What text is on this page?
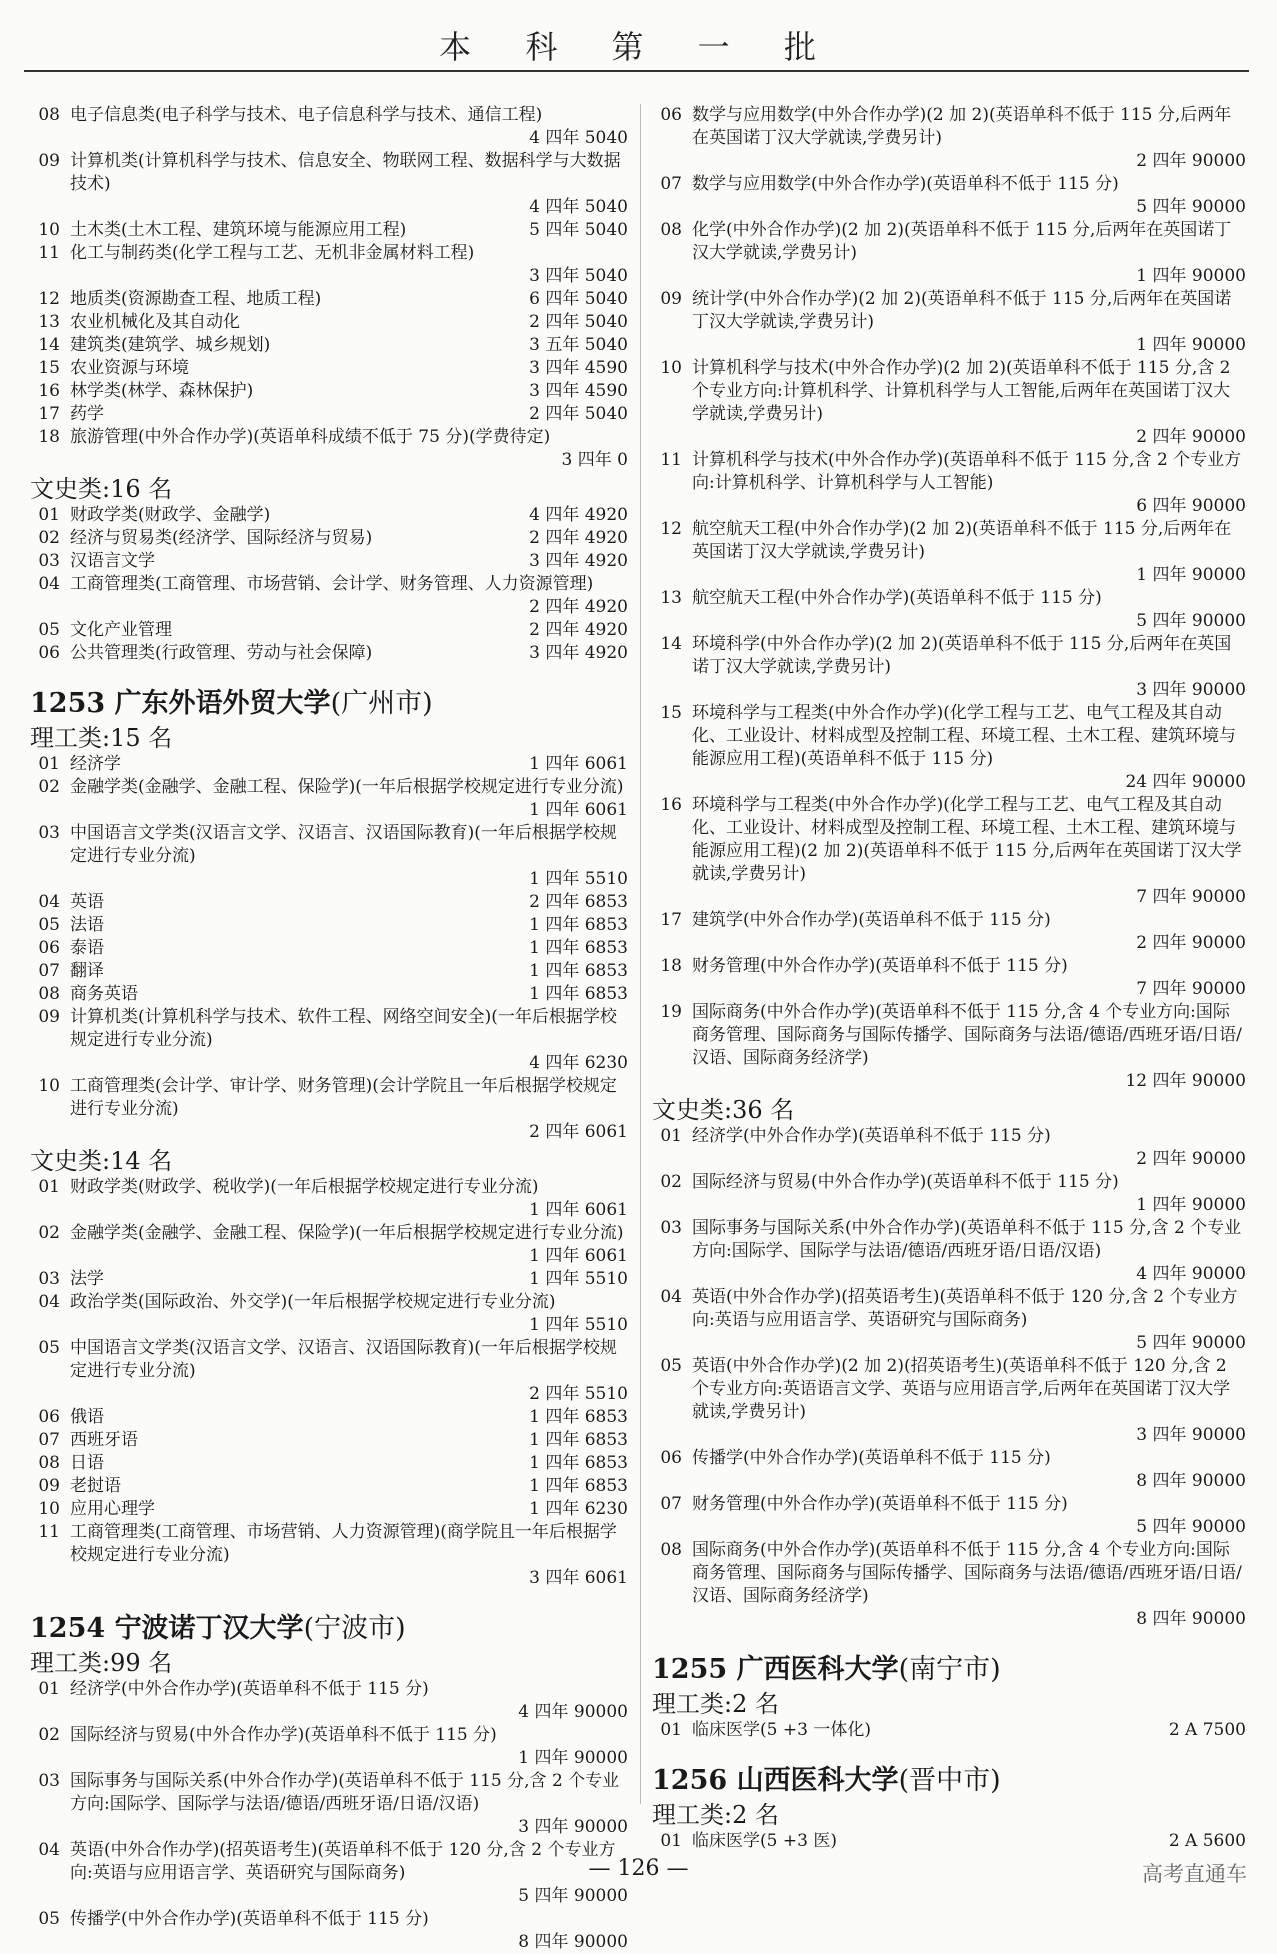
本 科 第 一 批
08 电子信息类(电子科学与技术、电子信息科学与技术、通信工程)
4 四年 5040
09 计算机类(计算机科学与技术、信息安全、物联网工程、数据科学与大数据技术)
4 四年 5040
10 土木类(土木工程、建筑环境与能源应用工程)	5 四年 5040
11 化工与制药类(化学工程与工艺、无机非金属材料工程)
3 四年 5040
12 地质类(资源勘查工程、地质工程)	6 四年 5040
13 农业机械化及其自动化	2 四年 5040
14 建筑类(建筑学、城乡规划)	3 五年 5040
15 农业资源与环境	3 四年 4590
16 林学类(林学、森林保护)	3 四年 4590
17 药学	2 四年 5040
18 旅游管理(中外合作办学)(英语单科成绩不低于 75 分)(学费待定)
3 四年 0
文史类:16 名
01 财政学类(财政学、金融学)	4 四年 4920
02 经济与贸易类(经济学、国际经济与贸易)	2 四年 4920
03 汉语言文学	3 四年 4920
04 工商管理类(工商管理、市场营销、会计学、财务管理、人力资源管理)
2 四年 4920
05 文化产业管理	2 四年 4920
06 公共管理类(行政管理、劳动与社会保障)	3 四年 4920
1253 广东外语外贸大学(广州市)
理工类:15 名
01 经济学	1 四年 6061
02 金融学类(金融学、金融工程、保险学)(一年后根据学校规定进行专业分流)
1 四年 6061
03 中国语言文学类(汉语言文学、汉语言、汉语国际教育)(一年后根据学校规定进行专业分流)
1 四年 5510
04 英语	2 四年 6853
05 法语	1 四年 6853
06 泰语	1 四年 6853
07 翻译	1 四年 6853
08 商务英语	1 四年 6853
09 计算机类(计算机科学与技术、软件工程、网络空间安全)(一年后根据学校规定进行专业分流)
4 四年 6230
10 工商管理类(会计学、审计学、财务管理)(会计学院且一年后根据学校规定进行专业分流)
2 四年 6061
文史类:14 名
01 财政学类(财政学、税收学)(一年后根据学校规定进行专业分流)
1 四年 6061
02 金融学类(金融学、金融工程、保险学)(一年后根据学校规定进行专业分流)
1 四年 6061
03 法学	1 四年 5510
04 政治学类(国际政治、外交学)(一年后根据学校规定进行专业分流)
1 四年 5510
05 中国语言文学类(汉语言文学、汉语言、汉语国际教育)(一年后根据学校规定进行专业分流)
2 四年 5510
06 俄语	1 四年 6853
07 西班牙语	1 四年 6853
08 日语	1 四年 6853
09 老挝语	1 四年 6853
10 应用心理学	1 四年 6230
11 工商管理类(工商管理、市场营销、人力资源管理)(商学院且一年后根据学校规定进行专业分流)
3 四年 6061
1254 宁波诺丁汉大学(宁波市)
理工类:99 名
01 经济学(中外合作办学)(英语单科不低于 115 分)
4 四年 90000
02 国际经济与贸易(中外合作办学)(英语单科不低于 115 分)
1 四年 90000
03 国际事务与国际关系(中外合作办学)(英语单科不低于 115 分,含 2 个专业方向:国际学、国际学与法语/德语/西班牙语/日语/汉语)
3 四年 90000
04 英语(中外合作办学)(招英语考生)(英语单科不低于 120 分,含 2 个专业方向:英语与应用语言学、英语研究与国际商务)
5 四年 90000
05 传播学(中外合作办学)(英语单科不低于 115 分)
8 四年 90000
06 数学与应用数学(中外合作办学)(2 加 2)(英语单科不低于 115 分,后两年在英国诺丁汉大学就读,学费另计)
2 四年 90000
07 数学与应用数学(中外合作办学)(英语单科不低于 115 分)
5 四年 90000
08 化学(中外合作办学)(2 加 2)(英语单科不低于 115 分,后两年在英国诺丁汉大学就读,学费另计)
1 四年 90000
09 统计学(中外合作办学)(2 加 2)(英语单科不低于 115 分,后两年在英国诺丁汉大学就读,学费另计)
1 四年 90000
10 计算机科学与技术(中外合作办学)(2 加 2)(英语单科不低于 115 分,含 2 个专业方向:计算机科学、计算机科学与人工智能,后两年在英国诺丁汉大学就读,学费另计)
2 四年 90000
11 计算机科学与技术(中外合作办学)(英语单科不低于 115 分,含 2 个专业方向:计算机科学、计算机科学与人工智能)
6 四年 90000
12 航空航天工程(中外合作办学)(2 加 2)(英语单科不低于 115 分,后两年在英国诺丁汉大学就读,学费另计)
1 四年 90000
13 航空航天工程(中外合作办学)(英语单科不低于 115 分)
5 四年 90000
14 环境科学(中外合作办学)(2 加 2)(英语单科不低于 115 分,后两年在英国诺丁汉大学就读,学费另计)
3 四年 90000
15 环境科学与工程类(中外合作办学)(化学工程与工艺、电气工程及其自动化、工业设计、材料成型及控制工程、环境工程、土木工程、建筑环境与能源应用工程)(英语单科不低于 115 分)
24 四年 90000
16 环境科学与工程类(中外合作办学)(化学工程与工艺、电气工程及其自动化、工业设计、材料成型及控制工程、环境工程、土木工程、建筑环境与能源应用工程)(2 加 2)(英语单科不低于 115 分,后两年在英国诺丁汉大学就读,学费另计)
7 四年 90000
17 建筑学(中外合作办学)(英语单科不低于 115 分)
2 四年 90000
18 财务管理(中外合作办学)(英语单科不低于 115 分)
7 四年 90000
19 国际商务(中外合作办学)(英语单科不低于 115 分,含 4 个专业方向:国际商务管理、国际商务与国际传播学、国际商务与法语/德语/西班牙语/日语/汉语、国际商务经济学)
12 四年 90000
文史类:36 名
01 经济学(中外合作办学)(英语单科不低于 115 分)
2 四年 90000
02 国际经济与贸易(中外合作办学)(英语单科不低于 115 分)
1 四年 90000
03 国际事务与国际关系(中外合作办学)(英语单科不低于 115 分,含 2 个专业方向:国际学、国际学与法语/德语/西班牙语/日语/汉语)
4 四年 90000
04 英语(中外合作办学)(招英语考生)(英语单科不低于 120 分,含 2 个专业方向:英语与应用语言学、英语研究与国际商务)
5 四年 90000
05 英语(中外合作办学)(2 加 2)(招英语考生)(英语单科不低于 120 分,含 2 个专业方向:英语语言文学、英语与应用语言学,后两年在英国诺丁汉大学就读,学费另计)
3 四年 90000
06 传播学(中外合作办学)(英语单科不低于 115 分)
8 四年 90000
07 财务管理(中外合作办学)(英语单科不低于 115 分)
5 四年 90000
08 国际商务(中外合作办学)(英语单科不低于 115 分,含 4 个专业方向:国际商务管理、国际商务与国际传播学、国际商务与法语/德语/西班牙语/日语/汉语、国际商务经济学)
8 四年 90000
1255 广西医科大学(南宁市)
理工类:2 名
01 临床医学(5 +3 一体化)	2 A 7500
1256 山西医科大学(晋中市)
理工类:2 名
01 临床医学(5 +3 医)	2 A 5600
— 126 —	高考直通车
